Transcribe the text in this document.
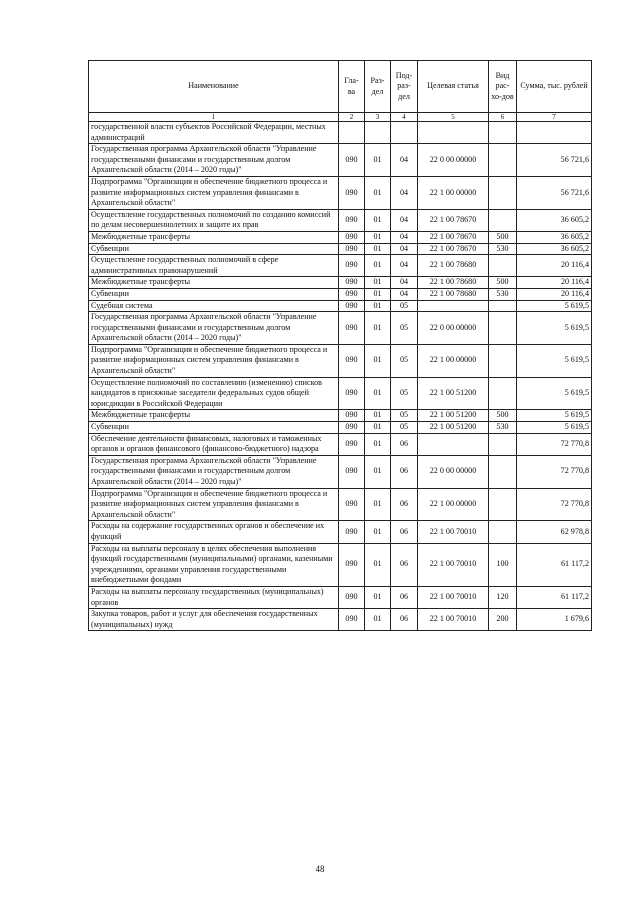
Наименование	Гла-ва	Раз-дел	Под-раз-дел	Целевая статья	Вид рас-хо-дов	Сумма, тыс. рублей
1	2	3	4	5	6	7
государственной власти субъектов Российской Федерации, местных администраций						
Государственная программа Архангельской области "Управление государственными финансами и государственным долгом Архангельской области (2014 – 2020 годы)"	090	01	04	22 0 00 00000		56 721,6
Подпрограмма "Организация и обеспечение бюджетного процесса и развитие информационных систем управления финансами в Архангельской области"	090	01	04	22 1 00 00000		56 721,6
Осуществление государственных полномочий по созданию комиссий по делам несовершеннолетних и защите их прав	090	01	04	22 1 00 78670		36 605,2
Межбюджетные трансферты	090	01	04	22 1 00 78670	500	36 605,2
Субвенции	090	01	04	22 1 00 78670	530	36 605,2
Осуществление государственных полномочий в сфере административных правонарушений	090	01	04	22 1 00 78680		20 116,4
Межбюджетные трансферты	090	01	04	22 1 00 78680	500	20 116,4
Субвенции	090	01	04	22 1 00 78680	530	20 116,4
Судебная система	090	01	05			5 619,5
Государственная программа Архангельской области "Управление государственными финансами и государственным долгом Архангельской области (2014 – 2020 годы)"	090	01	05	22 0 00 00000		5 619,5
Подпрограмма "Организация и обеспечение бюджетного процесса и развитие информационных систем управления финансами в Архангельской области"	090	01	05	22 1 00 00000		5 619,5
Осуществление полномочий по составлению (изменению) списков кандидатов в присяжные заседатели федеральных судов общей юрисдикции в Российской Федерации	090	01	05	22 1 00 51200		5 619,5
Межбюджетные трансферты	090	01	05	22 1 00 51200	500	5 619,5
Субвенции	090	01	05	22 1 00 51200	530	5 619,5
Обеспечение деятельности финансовых, налоговых и таможенных органов и органов финансового (финансово-бюджетного) надзора	090	01	06			72 770,8
Государственная программа Архангельской области "Управление государственными финансами и государственным долгом Архангельской области (2014 – 2020 годы)"	090	01	06	22 0 00 00000		72 770,8
Подпрограмма "Организация и обеспечение бюджетного процесса и развитие информационных систем управления финансами в Архангельской области"	090	01	06	22 1 00 00000		72 770,8
Расходы на содержание государственных органов и обеспечение их функций	090	01	06	22 1 00 70010		62 978,8
Расходы на выплаты персоналу в целях обеспечения выполнения функций государственными (муниципальными) органами, казенными учреждениями, органами управления государственными внебюджетными фондами	090	01	06	22 1 00 70010	100	61 117,2
Расходы на выплаты персоналу государственных (муниципальных) органов	090	01	06	22 1 00 70010	120	61 117,2
Закупка товаров, работ и услуг для обеспечения государственных (муниципальных) нужд	090	01	06	22 1 00 70010	200	1 679,6
48
